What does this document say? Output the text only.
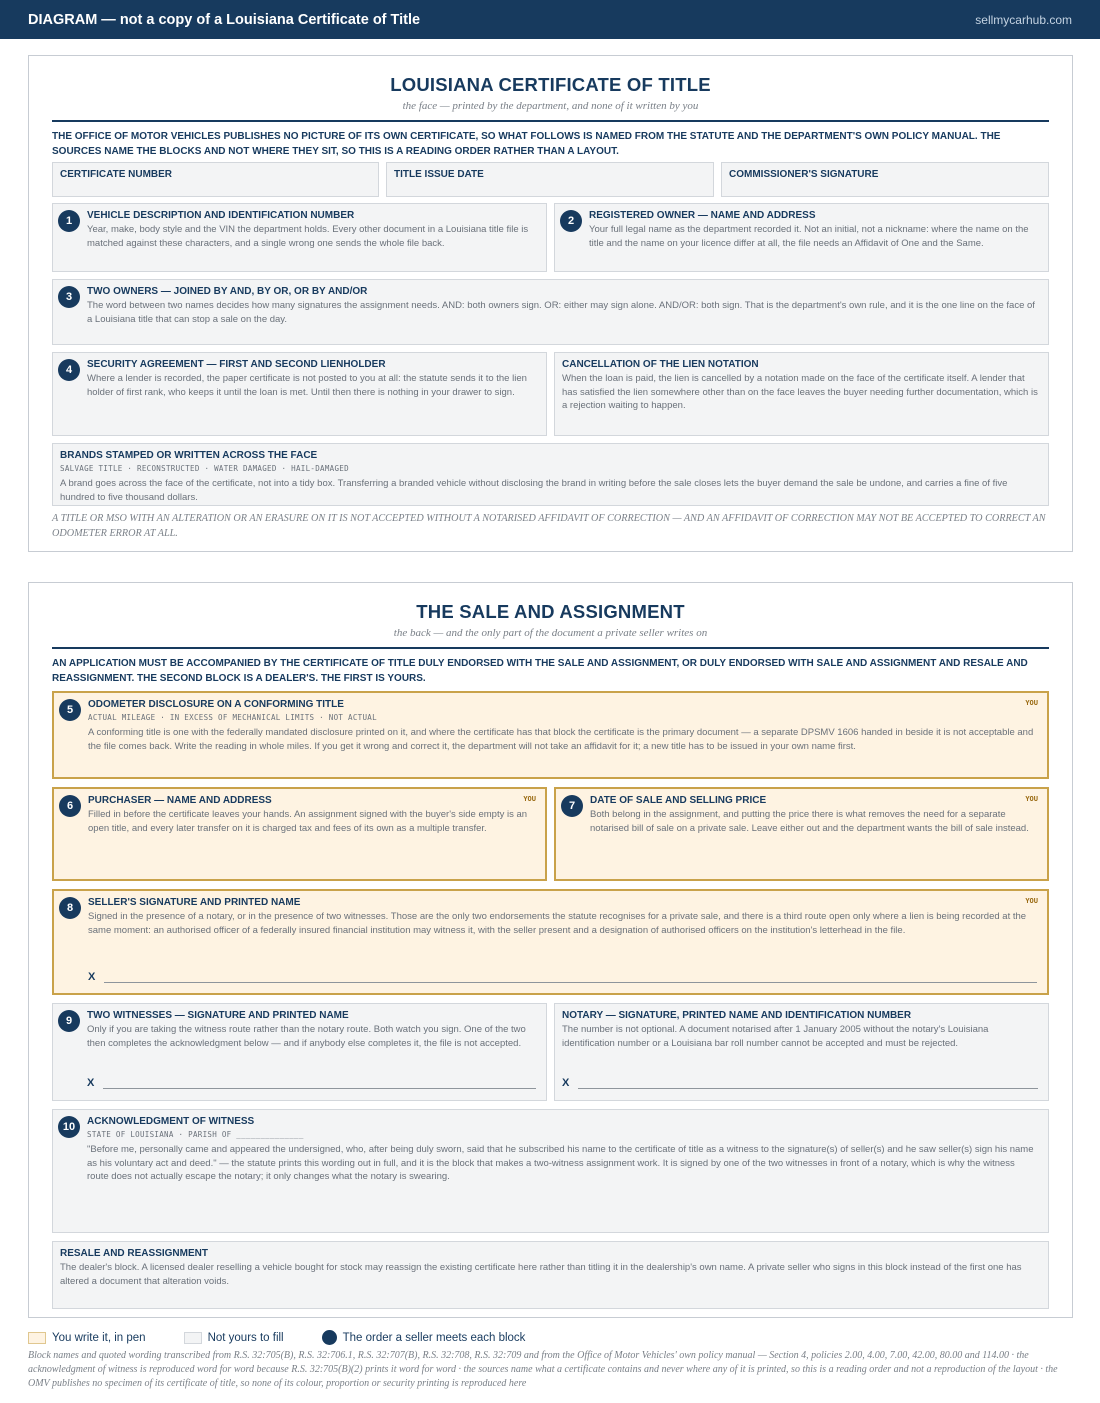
DIAGRAM — not a copy of a Louisiana Certificate of Title	sellmycarhub.com
LOUISIANA CERTIFICATE OF TITLE
the face — printed by the department, and none of it written by you
THE OFFICE OF MOTOR VEHICLES PUBLISHES NO PICTURE OF ITS OWN CERTIFICATE, SO WHAT FOLLOWS IS NAMED FROM THE STATUTE AND THE DEPARTMENT'S OWN POLICY MANUAL. THE SOURCES NAME THE BLOCKS AND NOT WHERE THEY SIT, SO THIS IS A READING ORDER RATHER THAN A LAYOUT.
CERTIFICATE NUMBER	TITLE ISSUE DATE	COMMISSIONER'S SIGNATURE
1	VEHICLE DESCRIPTION AND IDENTIFICATION NUMBER
Year, make, body style and the VIN the department holds. Every other document in a Louisiana title file is matched against these characters, and a single wrong one sends the whole file back.
2	REGISTERED OWNER — NAME AND ADDRESS
Your full legal name as the department recorded it. Not an initial, not a nickname: where the name on the title and the name on your licence differ at all, the file needs an Affidavit of One and the Same.
3	TWO OWNERS — JOINED BY AND, BY OR, OR BY AND/OR
The word between two names decides how many signatures the assignment needs. AND: both owners sign. OR: either may sign alone. AND/OR: both sign. That is the department's own rule, and it is the one line on the face of a Louisiana title that can stop a sale on the day.
4	SECURITY AGREEMENT — FIRST AND SECOND LIENHOLDER
Where a lender is recorded, the paper certificate is not posted to you at all: the statute sends it to the lien holder of first rank, who keeps it until the loan is met. Until then there is nothing in your drawer to sign.
CANCELLATION OF THE LIEN NOTATION
When the loan is paid, the lien is cancelled by a notation made on the face of the certificate itself. A lender that has satisfied the lien somewhere other than on the face leaves the buyer needing further documentation, which is a rejection waiting to happen.
BRANDS STAMPED OR WRITTEN ACROSS THE FACE
SALVAGE TITLE · RECONSTRUCTED · WATER DAMAGED · HAIL-DAMAGED
A brand goes across the face of the certificate, not into a tidy box. Transferring a branded vehicle without disclosing the brand in writing before the sale closes lets the buyer demand the sale be undone, and carries a fine of five hundred to five thousand dollars.
A TITLE OR MSO WITH AN ALTERATION OR AN ERASURE ON IT IS NOT ACCEPTED WITHOUT A NOTARISED AFFIDAVIT OF CORRECTION — AND AN AFFIDAVIT OF CORRECTION MAY NOT BE ACCEPTED TO CORRECT AN ODOMETER ERROR AT ALL.
THE SALE AND ASSIGNMENT
the back — and the only part of the document a private seller writes on
AN APPLICATION MUST BE ACCOMPANIED BY THE CERTIFICATE OF TITLE DULY ENDORSED WITH THE SALE AND ASSIGNMENT, OR DULY ENDORSED WITH SALE AND ASSIGNMENT AND RESALE AND REASSIGNMENT. THE SECOND BLOCK IS A DEALER'S. THE FIRST IS YOURS.
5
YOU
ODOMETER DISCLOSURE ON A CONFORMING TITLE
ACTUAL MILEAGE · IN EXCESS OF MECHANICAL LIMITS · NOT ACTUAL
A conforming title is one with the federally mandated disclosure printed on it, and where the certificate has that block the certificate is the primary document — a separate DPSMV 1606 handed in beside it is not acceptable and the file comes back. Write the reading in whole miles. If you get it wrong and correct it, the department will not take an affidavit for it; a new title has to be issued in your own name first.
6
YOU
PURCHASER — NAME AND ADDRESS
Filled in before the certificate leaves your hands. An assignment signed with the buyer's side empty is an open title, and every later transfer on it is charged tax and fees of its own as a multiple transfer.
7
YOU
DATE OF SALE AND SELLING PRICE
Both belong in the assignment, and putting the price there is what removes the need for a separate notarised bill of sale on a private sale. Leave either out and the department wants the bill of sale instead.
8
YOU
SELLER'S SIGNATURE AND PRINTED NAME
Signed in the presence of a notary, or in the presence of two witnesses. Those are the only two endorsements the statute recognises for a private sale, and there is a third route open only where a lien is being recorded at the same moment: an authorised officer of a federally insured financial institution may witness it, with the seller present and a designation of authorised officers on the institution's letterhead in the file.
X
9	TWO WITNESSES — SIGNATURE AND PRINTED NAME
Only if you are taking the witness route rather than the notary route. Both watch you sign. One of the two then completes the acknowledgment below — and if anybody else completes it, the file is not accepted.
X
NOTARY — SIGNATURE, PRINTED NAME AND IDENTIFICATION NUMBER
The number is not optional. A document notarised after 1 January 2005 without the notary's Louisiana identification number or a Louisiana bar roll number cannot be accepted and must be rejected.
X
10	ACKNOWLEDGMENT OF WITNESS
STATE OF LOUISIANA · PARISH OF ______________
"Before me, personally came and appeared the undersigned, who, after being duly sworn, said that he subscribed his name to the certificate of title as a witness to the signature(s) of seller(s) and he saw seller(s) sign his name as his voluntary act and deed." — the statute prints this wording out in full, and it is the block that makes a two-witness assignment work. It is signed by one of the two witnesses in front of a notary, which is why the witness route does not actually escape the notary; it only changes what the notary is swearing.
RESALE AND REASSIGNMENT
The dealer's block. A licensed dealer reselling a vehicle bought for stock may reassign the existing certificate here rather than titling it in the dealership's own name. A private seller who signs in this block instead of the first one has altered a document that alteration voids.
You write it, in pen	Not yours to fill	The order a seller meets each block
Block names and quoted wording transcribed from R.S. 32:705(B), R.S. 32:706.1, R.S. 32:707(B), R.S. 32:708, R.S. 32:709 and from the Office of Motor Vehicles' own policy manual — Section 4, policies 2.00, 4.00, 7.00, 42.00, 80.00 and 114.00 · the acknowledgment of witness is reproduced word for word because R.S. 32:705(B)(2) prints it word for word · the sources name what a certificate contains and never where any of it is printed, so this is a reading order and not a reproduction of the layout · the OMV publishes no specimen of its certificate of title, so none of its colour, proportion or security printing is reproduced here
